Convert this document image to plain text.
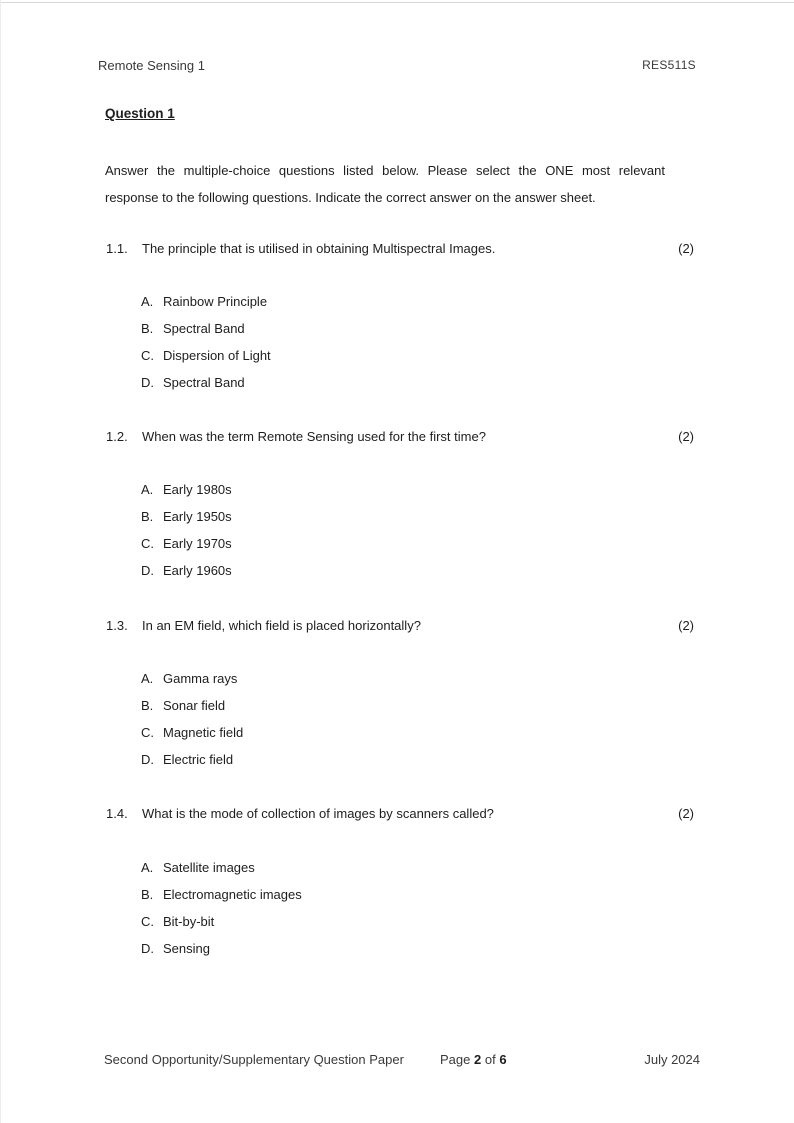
Remote Sensing 1	RES511S
Question 1
Answer the multiple-choice questions listed below. Please select the ONE most relevant response to the following questions. Indicate the correct answer on the answer sheet.
1.1.	The principle that is utilised in obtaining Multispectral Images.	(2)
A. Rainbow Principle
B. Spectral Band
C. Dispersion of Light
D. Spectral Band
1.2.	When was the term Remote Sensing used for the first time?	(2)
A. Early 1980s
B. Early 1950s
C. Early 1970s
D. Early 1960s
1.3.	In an EM field, which field is placed horizontally?	(2)
A. Gamma rays
B. Sonar field
C. Magnetic field
D. Electric field
1.4.	What is the mode of collection of images by scanners called?	(2)
A. Satellite images
B. Electromagnetic images
C. Bit-by-bit
D. Sensing
Second Opportunity/Supplementary Question Paper	Page 2 of 6	July 2024
